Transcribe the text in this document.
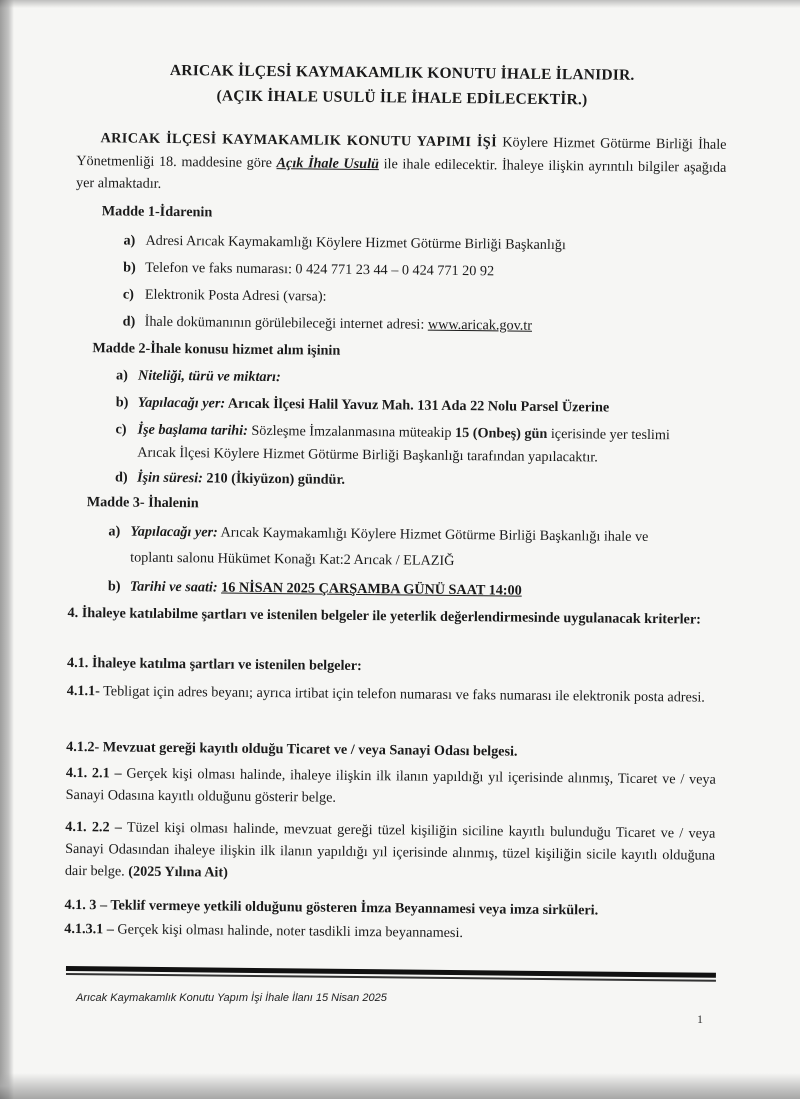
ARICAK İLÇESİ KAYMAKAMLIK KONUTU İHALE İLANIDIR.
(AÇIK İHALE USULÜ İLE İHALE EDİLECEKTİR.)
ARICAK İLÇESİ KAYMAKAMLIK KONUTU YAPIMI İŞİ Köylere Hizmet Götürme Birliği İhale Yönetmenliği 18. maddesine göre Açık İhale Usulü ile ihale edilecektir. İhaleye ilişkin ayrıntılı bilgiler aşağıda yer almaktadır.
Madde 1-İdarenin
a) Adresi Arıcak Kaymakamlığı Köylere Hizmet Götürme Birliği Başkanlığı
b) Telefon ve faks numarası: 0 424 771 23 44 – 0 424 771 20 92
c) Elektronik Posta Adresi (varsa):
d) İhale dokümanının görülebileceği internet adresi: www.aricak.gov.tr
Madde 2-İhale konusu hizmet alım işinin
a) Niteliği, türü ve miktarı:
b) Yapılacağı yer: Arıcak İlçesi Halil Yavuz Mah. 131 Ada 22 Nolu Parsel Üzerine
c) İşe başlama tarihi: Sözleşme İmzalanmasına müteakip 15 (Onbeş) gün içerisinde yer teslimi
Arıcak İlçesi Köylere Hizmet Götürme Birliği Başkanlığı tarafından yapılacaktır.
d) İşin süresi: 210 (İkiyüzon) gündür.
Madde 3- İhalenin
a) Yapılacağı yer: Arıcak Kaymakamlığı Köylere Hizmet Götürme Birliği Başkanlığı ihale ve
toplantı salonu Hükümet Konağı Kat:2 Arıcak / ELAZIĞ
b) Tarihi ve saati: 16 NİSAN 2025 ÇARŞAMBA GÜNÜ SAAT 14:00
4. İhaleye katılabilme şartları ve istenilen belgeler ile yeterlik değerlendirmesinde uygulanacak kriterler:
4.1. İhaleye katılma şartları ve istenilen belgeler:
4.1.1- Tebligat için adres beyanı; ayrıca irtibat için telefon numarası ve faks numarası ile elektronik posta adresi.
4.1.2- Mevzuat gereği kayıtlı olduğu Ticaret ve / veya Sanayi Odası belgesi.
4.1. 2.1 – Gerçek kişi olması halinde, ihaleye ilişkin ilk ilanın yapıldığı yıl içerisinde alınmış, Ticaret ve / veya Sanayi Odasına kayıtlı olduğunu gösterir belge.
4.1. 2.2 – Tüzel kişi olması halinde, mevzuat gereği tüzel kişiliğin siciline kayıtlı bulunduğu Ticaret ve / veya Sanayi Odasından ihaleye ilişkin ilk ilanın yapıldığı yıl içerisinde alınmış, tüzel kişiliğin sicile kayıtlı olduğuna dair belge. (2025 Yılına Ait)
4.1. 3 – Teklif vermeye yetkili olduğunu gösteren İmza Beyannamesi veya imza sirküleri.
4.1.3.1 – Gerçek kişi olması halinde, noter tasdikli imza beyannamesi.
Arıcak Kaymakamlık Konutu Yapım İşi İhale İlanı 15 Nisan 2025
1
